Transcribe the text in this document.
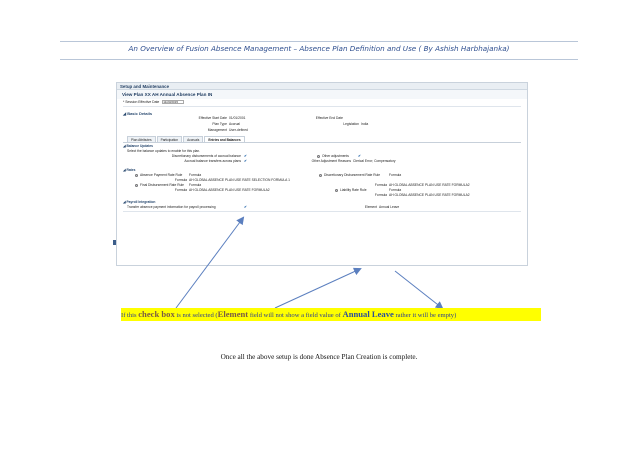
An Overview of Fusion Absence Management – Absence Plan Definition and Use ( By Ashish Harbhajanka)
Setup and Maintenance
View Plan XX AH Annual Absence Plan IN
* Session Effective Date 11/23/2015
◢ Basic Details
Effective Start Date 01/01/2001	Effective End Date
Plan Type Accrual	Legislation India
Management User-defined
Plan Attributes	Participation	Accruals	Entries and Balances
◢ Balance Updates
Select the balance updates to enable for this plan.
Discretionary disbursements of accrual balance ✔
Accrual balance transfers across plans ✔
Other adjustments	✔
Other Adjustment Reasons Clerical Error; Compensatory
◢ Rates
Absence Payment Rate Rule Formula
Formula AH GLOBAL ABSENCE PLAN USE RATE SELECTION FORMULA 1
Final Disbursement Rate Rule Formula
Formula AH GLOBAL ABSENCE PLAN USE RATE FORMULA2
Discretionary Disbursement Rate Rule	Formula
Formula AH GLOBAL ABSENCE PLAN USE RATE FORMULA2
Liability Rate Rule	Formula
Formula AH GLOBAL ABSENCE PLAN USE RATE FORMULA2
◢ Payroll Integration
Transfer absence payment information for payroll processing	✔	Element Annual Leave
If this check box is not selected (Element field will not show a field value of Annual Leave rather it will be empty)
Once all the above setup is done Absence Plan Creation is complete.
